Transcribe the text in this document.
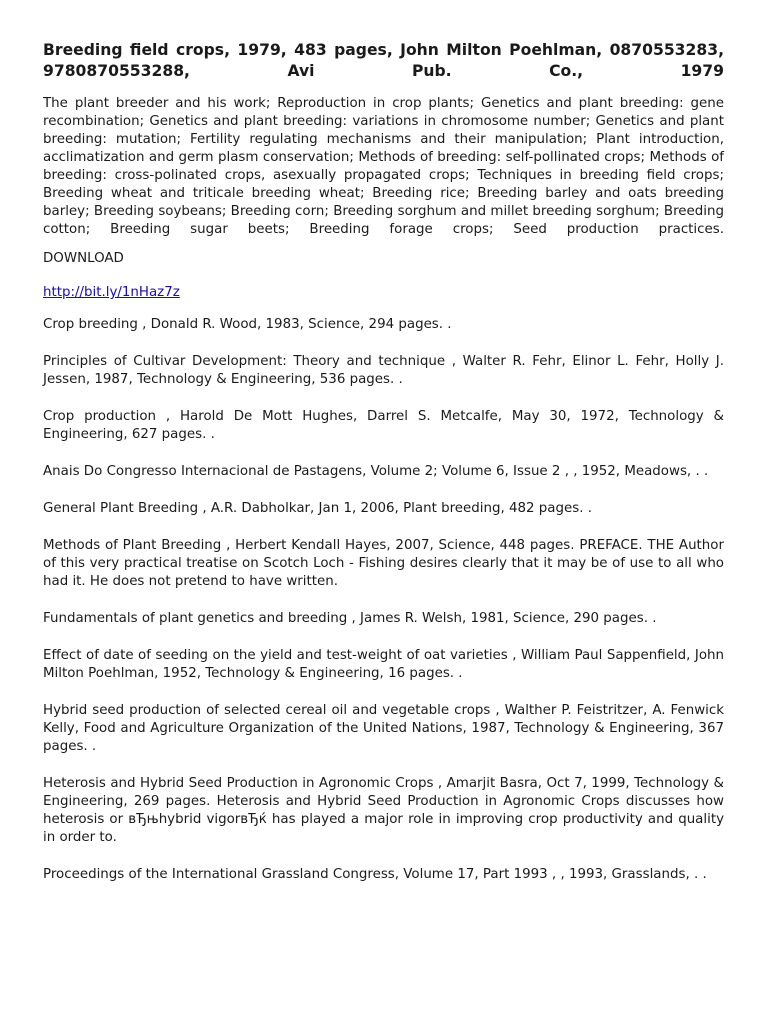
Breeding field crops, 1979, 483 pages, John Milton Poehlman, 0870553283, 9780870553288, Avi Pub. Co., 1979

The plant breeder and his work; Reproduction in crop plants; Genetics and plant breeding: gene recombination; Genetics and plant breeding: variations in chromosome number; Genetics and plant breeding: mutation; Fertility regulating mechanisms and their manipulation; Plant introduction, acclimatization and germ plasm conservation; Methods of breeding: self-pollinated crops; Methods of breeding: cross-polinated crops, asexually propagated crops; Techniques in breeding field crops; Breeding wheat and triticale breeding wheat; Breeding rice; Breeding barley and oats breeding barley; Breeding soybeans; Breeding corn; Breeding sorghum and millet breeding sorghum; Breeding cotton; Breeding sugar beets; Breeding forage crops; Seed production practices.

DOWNLOAD
http://bit.ly/1nHaz7z
Crop breeding , Donald R. Wood, 1983, Science, 294 pages. .
Principles of Cultivar Development: Theory and technique , Walter R. Fehr, Elinor L. Fehr, Holly J. Jessen, 1987, Technology & Engineering, 536 pages. .
Crop production , Harold De Mott Hughes, Darrel S. Metcalfe, May 30, 1972, Technology & Engineering, 627 pages. .
Anais Do Congresso Internacional de Pastagens, Volume 2; Volume 6, Issue 2 , , 1952, Meadows, . .
General Plant Breeding , A.R. Dabholkar, Jan 1, 2006, Plant breeding, 482 pages. .
Methods of Plant Breeding , Herbert Kendall Hayes, 2007, Science, 448 pages. PREFACE. THE Author of this very practical treatise on Scotch Loch - Fishing desires clearly that it may be of use to all who had it. He does not pretend to have written.
Fundamentals of plant genetics and breeding , James R. Welsh, 1981, Science, 290 pages. .
Effect of date of seeding on the yield and test-weight of oat varieties , William Paul Sappenfield, John Milton Poehlman, 1952, Technology & Engineering, 16 pages. .
Hybrid seed production of selected cereal oil and vegetable crops , Walther P. Feistritzer, A. Fenwick Kelly, Food and Agriculture Organization of the United Nations, 1987, Technology & Engineering, 367 pages. .
Heterosis and Hybrid Seed Production in Agronomic Crops , Amarjit Basra, Oct 7, 1999, Technology & Engineering, 269 pages. Heterosis and Hybrid Seed Production in Agronomic Crops discusses how heterosis or вЂњhybrid vigorвЂќ has played a major role in improving crop productivity and quality in order to.
Proceedings of the International Grassland Congress, Volume 17, Part 1993 , , 1993, Grasslands, . .
